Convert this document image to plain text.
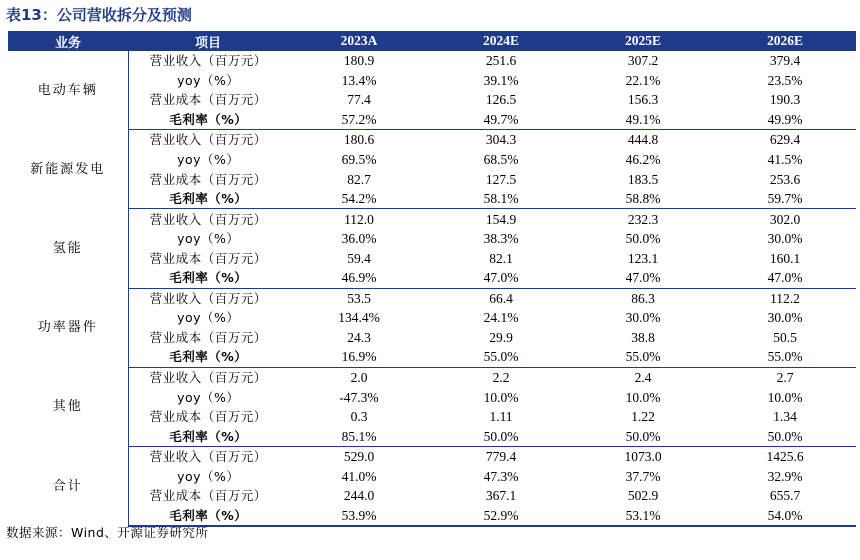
表13：公司营收拆分及预测
业务	项目	2023A	2024E	2025E	2026E
电动车辆	营业收入（百万元）	180.9	251.6	307.2	379.4
	yoy（%）	13.4%	39.1%	22.1%	23.5%
	营业成本（百万元）	77.4	126.5	156.3	190.3
	毛利率（%）	57.2%	49.7%	49.1%	49.9%
新能源发电	营业收入（百万元）	180.6	304.3	444.8	629.4
	yoy（%）	69.5%	68.5%	46.2%	41.5%
	营业成本（百万元）	82.7	127.5	183.5	253.6
	毛利率（%）	54.2%	58.1%	58.8%	59.7%
氢能	营业收入（百万元）	112.0	154.9	232.3	302.0
	yoy（%）	36.0%	38.3%	50.0%	30.0%
	营业成本（百万元）	59.4	82.1	123.1	160.1
	毛利率（%）	46.9%	47.0%	47.0%	47.0%
功率器件	营业收入（百万元）	53.5	66.4	86.3	112.2
	yoy（%）	134.4%	24.1%	30.0%	30.0%
	营业成本（百万元）	24.3	29.9	38.8	50.5
	毛利率（%）	16.9%	55.0%	55.0%	55.0%
其他	营业收入（百万元）	2.0	2.2	2.4	2.7
	yoy（%）	-47.3%	10.0%	10.0%	10.0%
	营业成本（百万元）	0.3	1.11	1.22	1.34
	毛利率（%）	85.1%	50.0%	50.0%	50.0%
合计	营业收入（百万元）	529.0	779.4	1073.0	1425.6
	yoy（%）	41.0%	47.3%	37.7%	32.9%
	营业成本（百万元）	244.0	367.1	502.9	655.7
	毛利率（%）	53.9%	52.9%	53.1%	54.0%
数据来源：Wind、开源证券研究所
